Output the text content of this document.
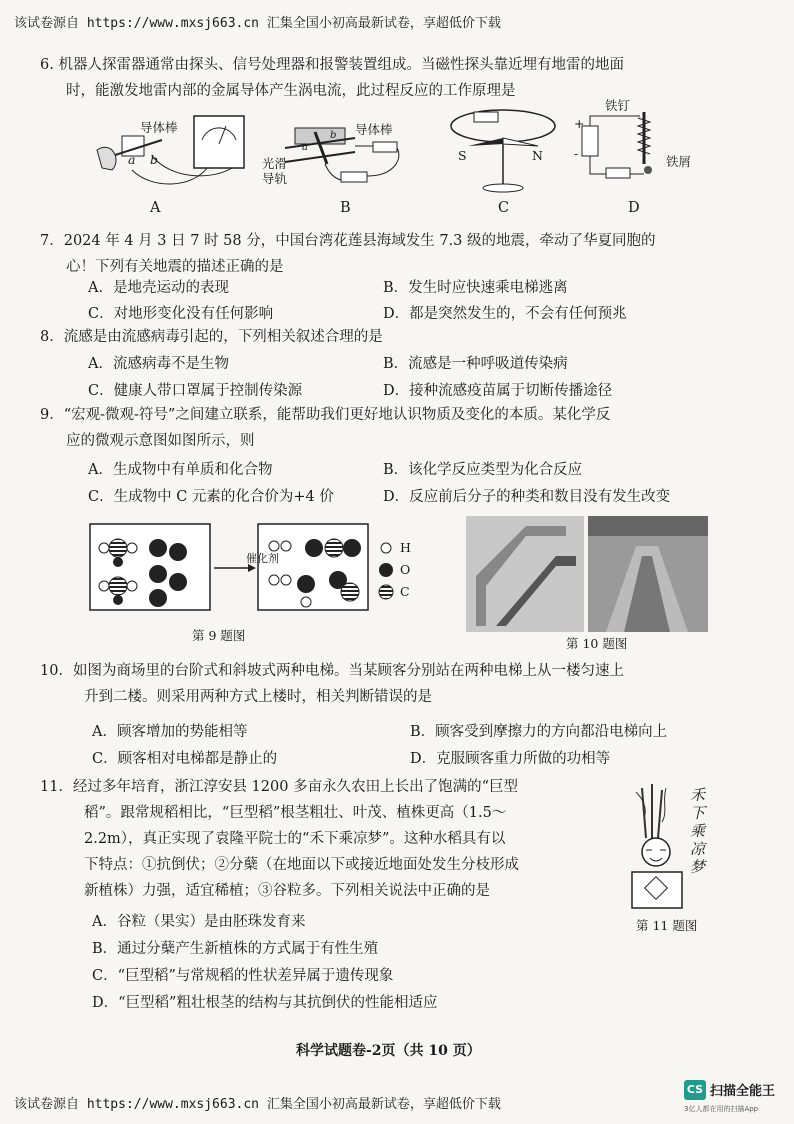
该试卷源自 https://www.mxsj663.cn 汇集全国小初高最新试卷，享超低价下载
6. 机器人探雷器通常由探头、信号处理器和报警装置组成。当磁性探头靠近埋有地雷的地面
时，能激发地雷内部的金属导体产生涡电流，此过程反应的工作原理是
导体棒
a b
A
导体棒
光滑
导轨
a
b
B
S	N
C
铁钉
铁屑
+
-
D
7．2024 年 4 月 3 日 7 时 58 分，中国台湾花莲县海域发生 7.3 级的地震，牵动了华夏同胞的
心！下列有关地震的描述正确的是
A．是地壳运动的表现	B．发生时应快速乘电梯逃离
C．对地形变化没有任何影响	D．都是突然发生的，不会有任何预兆
8．流感是由流感病毒引起的，下列相关叙述合理的是
A．流感病毒不是生物	B．流感是一种呼吸道传染病
C．健康人带口罩属于控制传染源	D．接种流感疫苗属于切断传播途径
9．“宏观-微观-符号”之间建立联系，能帮助我们更好地认识物质及变化的本质。某化学反
应的微观示意图如图所示，则
A．生成物中有单质和化合物	B．该化学反应类型为化合反应
C．生成物中 C 元素的化合价为+4 价	D．反应前后分子的种类和数目没有发生改变
催化剂
H
O
C
第 9 题图
第 10 题图
10．如图为商场里的台阶式和斜坡式两种电梯。当某顾客分别站在两种电梯上从一楼匀速上
升到二楼。则采用两种方式上楼时，相关判断错误的是
A．顾客增加的势能相等	B．顾客受到摩擦力的方向都沿电梯向上
C．顾客相对电梯都是静止的	D．克服顾客重力所做的功相等
11．经过多年培育，浙江淳安县 1200 多亩永久农田上长出了饱满的“巨型
稻”。跟常规稻相比，“巨型稻”根茎粗壮、叶茂、植株更高（1.5～
2.2m），真正实现了袁隆平院士的“禾下乘凉梦”。这种水稻具有以
下特点：①抗倒伏；②分蘖（在地面以下或接近地面处发生分枝形成
新植株）力强，适宜稀植；③谷粒多。下列相关说法中正确的是
A．谷粒（果实）是由胚珠发育来
B．通过分蘖产生新植株的方式属于有性生殖
C．“巨型稻”与常规稻的性状差异属于遗传现象
D．“巨型稻”粗壮根茎的结构与其抗倒伏的性能相适应
禾
下
乘
凉
梦
第 11 题图
科学试题卷-2页（共 10 页）
该试卷源自 https://www.mxsj663.cn 汇集全国小初高最新试卷，享超低价下载
CS 扫描全能王
3亿人都在用的扫描App
